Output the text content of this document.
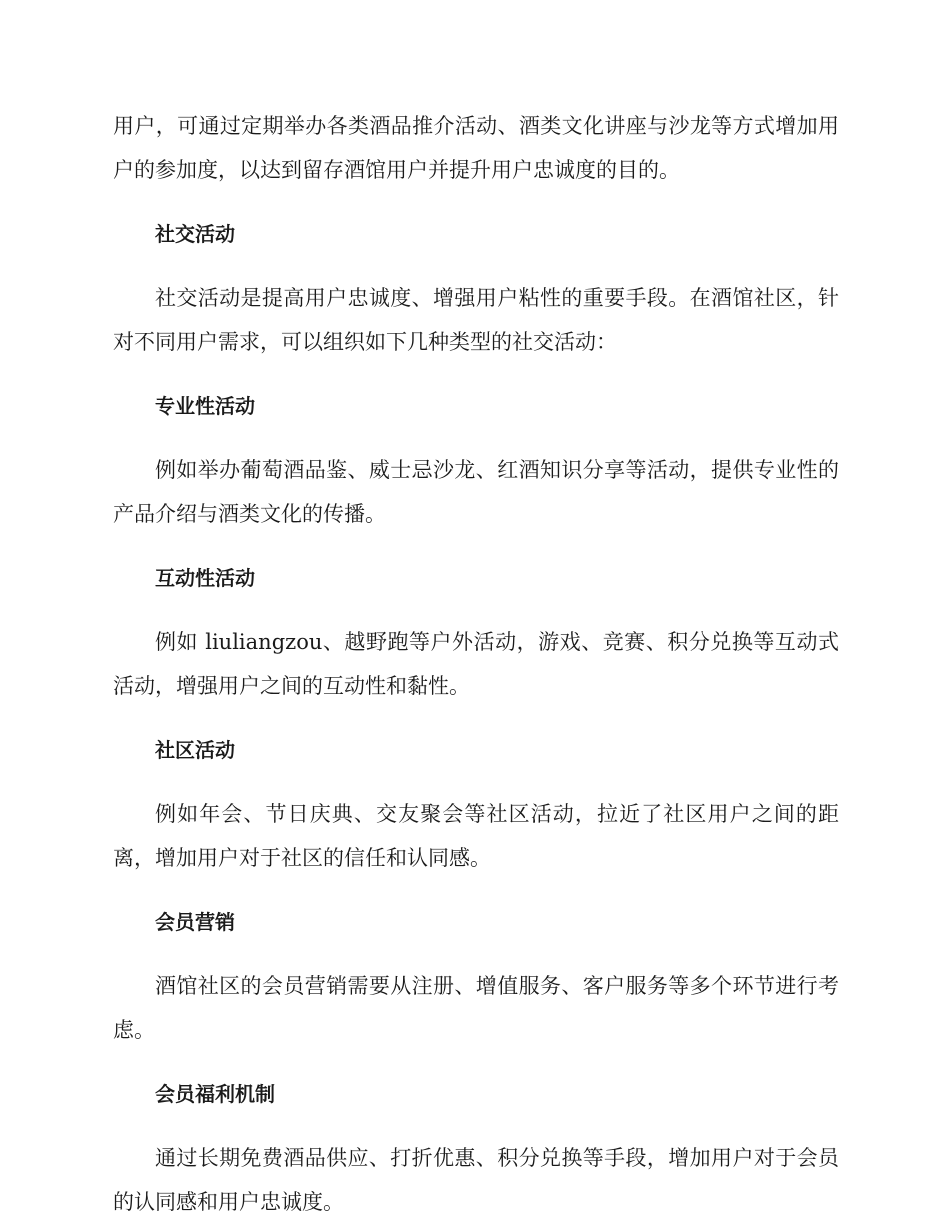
用户，可通过定期举办各类酒品推介活动、酒类文化讲座与沙龙等方式增加用户的参加度，以达到留存酒馆用户并提升用户忠诚度的目的。

社交活动

社交活动是提高用户忠诚度、增强用户粘性的重要手段。在酒馆社区，针对不同用户需求，可以组织如下几种类型的社交活动：

专业性活动

例如举办葡萄酒品鉴、威士忌沙龙、红酒知识分享等活动，提供专业性的产品介绍与酒类文化的传播。

互动性活动

例如 liuliangzou、越野跑等户外活动，游戏、竞赛、积分兑换等互动式活动，增强用户之间的互动性和黏性。

社区活动

例如年会、节日庆典、交友聚会等社区活动，拉近了社区用户之间的距离，增加用户对于社区的信任和认同感。

会员营销

酒馆社区的会员营销需要从注册、增值服务、客户服务等多个环节进行考虑。

会员福利机制

通过长期免费酒品供应、打折优惠、积分兑换等手段，增加用户对于会员的认同感和用户忠诚度。
